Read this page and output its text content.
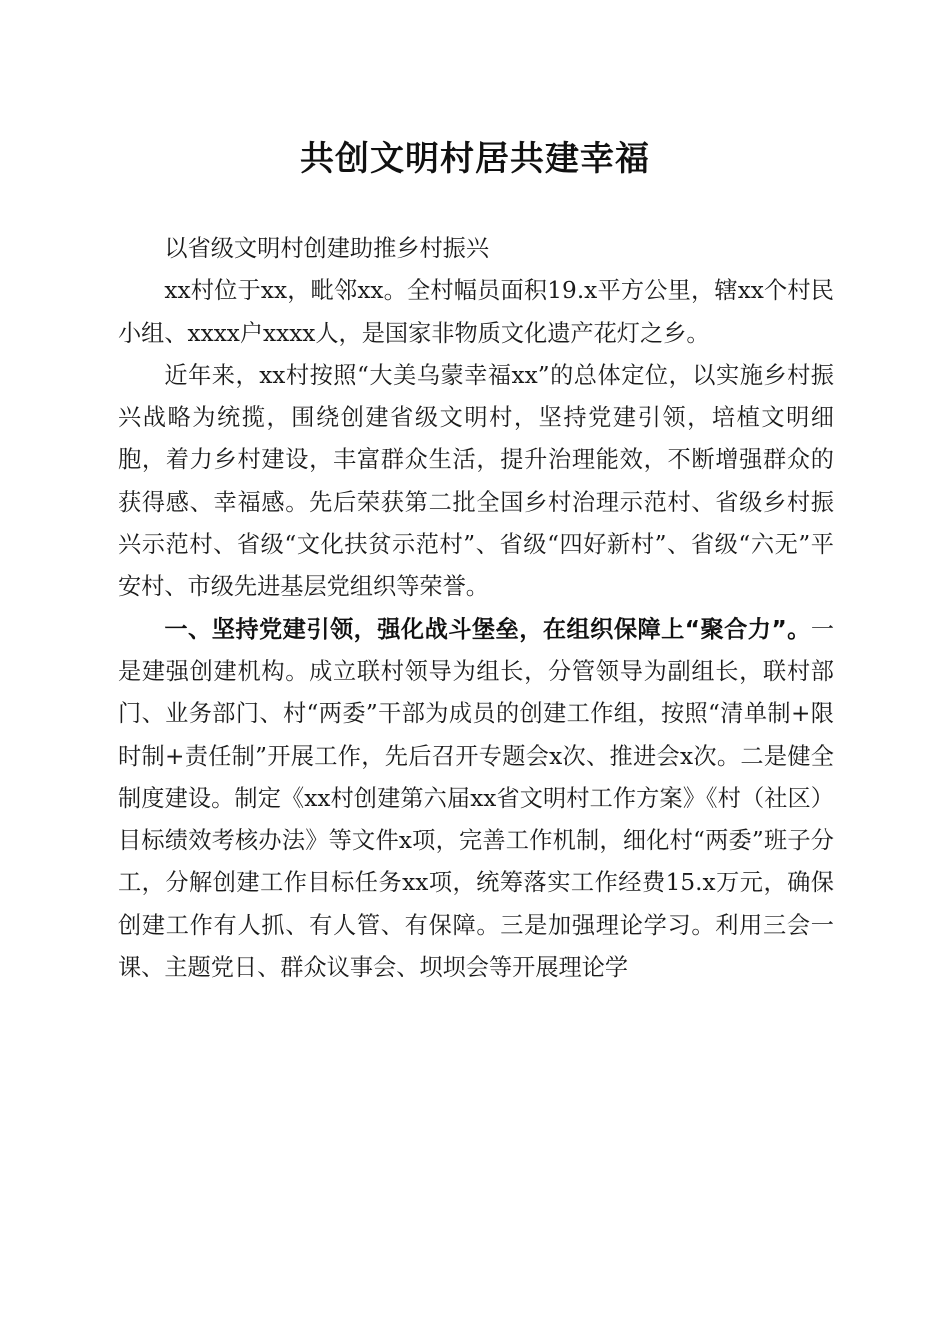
共创文明村居共建幸福

以省级文明村创建助推乡村振兴

xx村位于xx，毗邻xx。全村幅员面积19.x平方公里，辖xx个村民小组、xxxx户xxxx人，是国家非物质文化遗产花灯之乡。

近年来，xx村按照“大美乌蒙幸福xx”的总体定位，以实施乡村振兴战略为统揽，围绕创建省级文明村，坚持党建引领，培植文明细胞，着力乡村建设，丰富群众生活，提升治理能效，不断增强群众的获得感、幸福感。先后荣获第二批全国乡村治理示范村、省级乡村振兴示范村、省级“文化扶贫示范村”、省级“四好新村”、省级“六无”平安村、市级先进基层党组织等荣誉。

一、坚持党建引领，强化战斗堡垒，在组织保障上“聚合力”。一是建强创建机构。成立联村领导为组长，分管领导为副组长，联村部门、业务部门、村“两委”干部为成员的创建工作组，按照“清单制+限时制+责任制”开展工作，先后召开专题会x次、推进会x次。二是健全制度建设。制定《xx村创建第六届xx省文明村工作方案》《村（社区）目标绩效考核办法》等文件x项，完善工作机制，细化村“两委”班子分工，分解创建工作目标任务xx项，统筹落实工作经费15.x万元，确保创建工作有人抓、有人管、有保障。三是加强理论学习。利用三会一课、主题党日、群众议事会、坝坝会等开展理论学
